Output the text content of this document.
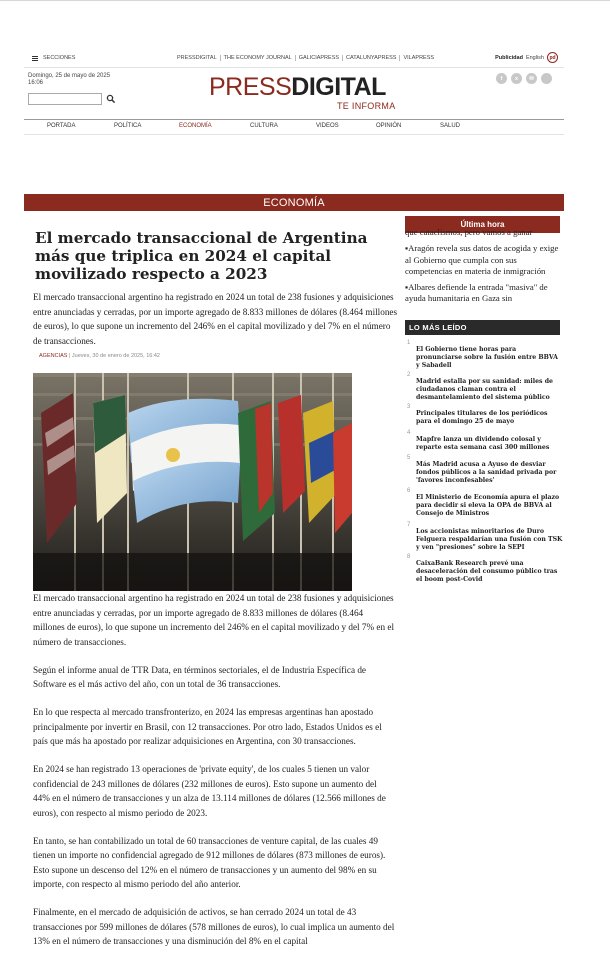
SECCIONES	PRESSDIGITAL	THE ECONOMY JOURNAL	GALICIAPRESS	CATALUNYAPRESS	VILAPRESS	Publicidad English	pd
Domingo, 25 de mayo de 2025
16:06	PRESSDIGITAL
TE INFORMA
f	x	✉
PORTADA	POLÍTICA	ECONOMÍA	CULTURA	VIDEOS	OPINIÓN	SALUD
ECONOMÍA
El mercado transaccional de Argentina más que triplica en 2024 el capital movilizado respecto a 2023

El mercado transaccional argentino ha registrado en 2024 un total de 238 fusiones y adquisiciones entre anunciadas y cerradas, por un importe agregado de 8.833 millones de dólares (8.464 millones de euros), lo que supone un incremento del 246% en el capital movilizado y del 7% en el número de transacciones.

AGENCIAS | Jueves, 30 de enero de 2025, 16:42

El mercado transaccional argentino ha registrado en 2024 un total de 238 fusiones y adquisiciones entre anunciadas y cerradas, por un importe agregado de 8.833 millones de dólares (8.464 millones de euros), lo que supone un incremento del 246% en el capital movilizado y del 7% en el número de transacciones.

Según el informe anual de TTR Data, en términos sectoriales, el de Industria Específica de Software es el más activo del año, con un total de 36 transacciones.

En lo que respecta al mercado transfronterizo, en 2024 las empresas argentinas han apostado principalmente por invertir en Brasil, con 12 transacciones. Por otro lado, Estados Unidos es el país que más ha apostado por realizar adquisiciones en Argentina, con 30 transacciones.

En 2024 se han registrado 13 operaciones de 'private equity', de los cuales 5 tienen un valor confidencial de 243 millones de dólares (232 millones de euros). Esto supone un aumento del 44% en el número de transacciones y un alza de 13.114 millones de dólares (12.566 millones de euros), con respecto al mismo periodo de 2023.

En tanto, se han contabilizado un total de 60 transacciones de venture capital, de las cuales 49 tienen un importe no confidencial agregado de 912 millones de dólares (873 millones de euros). Esto supone un descenso del 12% en el número de transacciones y un aumento del 98% en su importe, con respecto al mismo periodo del año anterior.

Finalmente, en el mercado de adquisición de activos, se han cerrado 2024 un total de 43 transacciones por 599 millones de dólares (578 millones de euros), lo cual implica un aumento del 13% en el número de transacciones y una disminución del 8% en el capital

Última hora
que cataclismos, pero vamos a ganar
▪ Aragón revela sus datos de acogida y exige al Gobierno que cumpla con sus competencias en materia de inmigración
▪ Albares defiende la entrada "masiva" de ayuda humanitaria en Gaza sin
LO MÁS LEÍDO
1
El Gobierno tiene horas para pronunciarse sobre la fusión entre BBVA y Sabadell
2
Madrid estalla por su sanidad: miles de ciudadanos claman contra el desmantelamiento del sistema público
3
Principales titulares de los periódicos para el domingo 25 de mayo
4
Mapfre lanza un dividendo colosal y reparte esta semana casi 300 millones
5
Más Madrid acusa a Ayuso de desviar fondos públicos a la sanidad privada por 'favores inconfesables'
6
El Ministerio de Economía apura el plazo para decidir si eleva la OPA de BBVA al Consejo de Ministros
7
Los accionistas minoritarios de Duro Felguera respaldarían una fusión con TSK y ven "presiones" sobre la SEPI
8
CaixaBank Research prevé una desaceleración del consumo público tras el boom post-Covid
